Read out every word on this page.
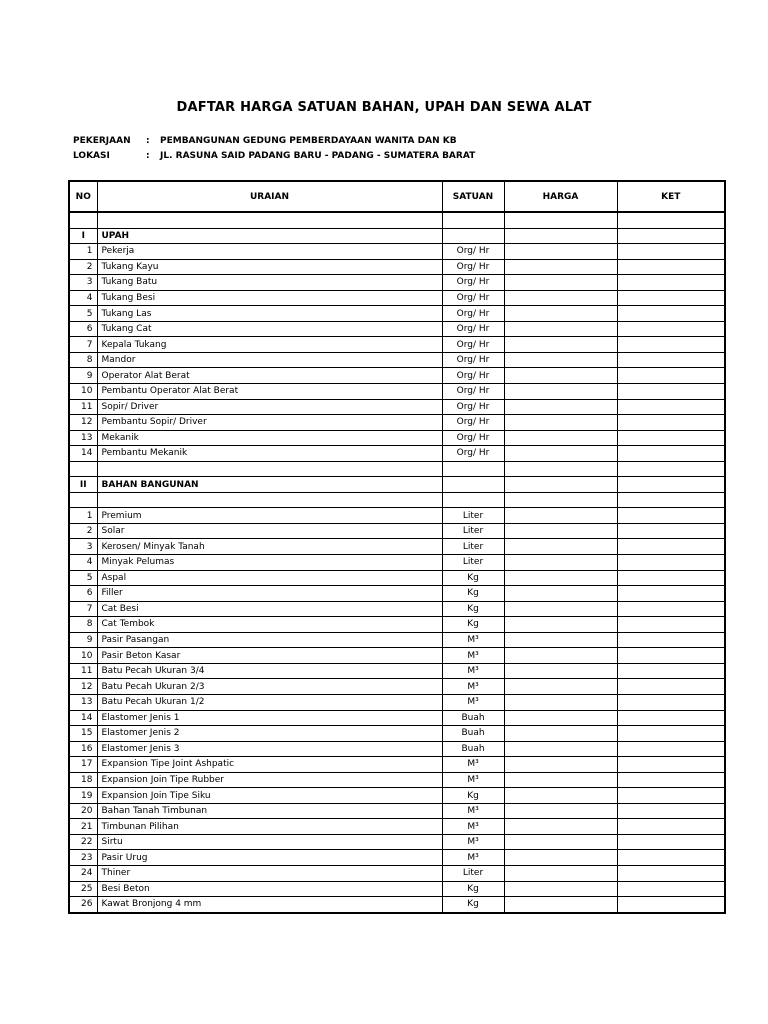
DAFTAR HARGA SATUAN BAHAN, UPAH DAN SEWA ALAT
PEKERJAAN : PEMBANGUNAN GEDUNG PEMBERDAYAAN WANITA DAN KB
LOKASI	: JL. RASUNA SAID PADANG BARU - PADANG - SUMATERA BARAT
NO	URAIAN	SATUAN	HARGA	KET

I	UPAH			
1	Pekerja	Org/ Hr		
2	Tukang Kayu	Org/ Hr		
3	Tukang Batu	Org/ Hr		
4	Tukang Besi	Org/ Hr		
5	Tukang Las	Org/ Hr		
6	Tukang Cat	Org/ Hr		
7	Kepala Tukang	Org/ Hr		
8	Mandor	Org/ Hr		
9	Operator Alat Berat	Org/ Hr		
10	Pembantu Operator Alat Berat	Org/ Hr		
11	Sopir/ Driver	Org/ Hr		
12	Pembantu Sopir/ Driver	Org/ Hr		
13	Mekanik	Org/ Hr		
14	Pembantu Mekanik	Org/ Hr		

II	BAHAN BANGUNAN			

1	Premium	Liter		
2	Solar	Liter		
3	Kerosen/ Minyak Tanah	Liter		
4	Minyak Pelumas	Liter		
5	Aspal	Kg		
6	Filler	Kg		
7	Cat Besi	Kg		
8	Cat Tembok	Kg		
9	Pasir Pasangan	M³		
10	Pasir Beton Kasar	M³		
11	Batu Pecah Ukuran 3/4	M³		
12	Batu Pecah Ukuran 2/3	M³		
13	Batu Pecah Ukuran 1/2	M³		
14	Elastomer Jenis 1	Buah		
15	Elastomer Jenis 2	Buah		
16	Elastomer Jenis 3	Buah		
17	Expansion Tipe Joint Ashpatic	M³		
18	Expansion Join Tipe Rubber	M³		
19	Expansion Join Tipe Siku	Kg		
20	Bahan Tanah Timbunan	M³		
21	Timbunan Pilihan	M³		
22	Sirtu	M³		
23	Pasir Urug	M³		
24	Thiner	Liter		
25	Besi Beton	Kg		
26	Kawat Bronjong 4 mm	Kg		
